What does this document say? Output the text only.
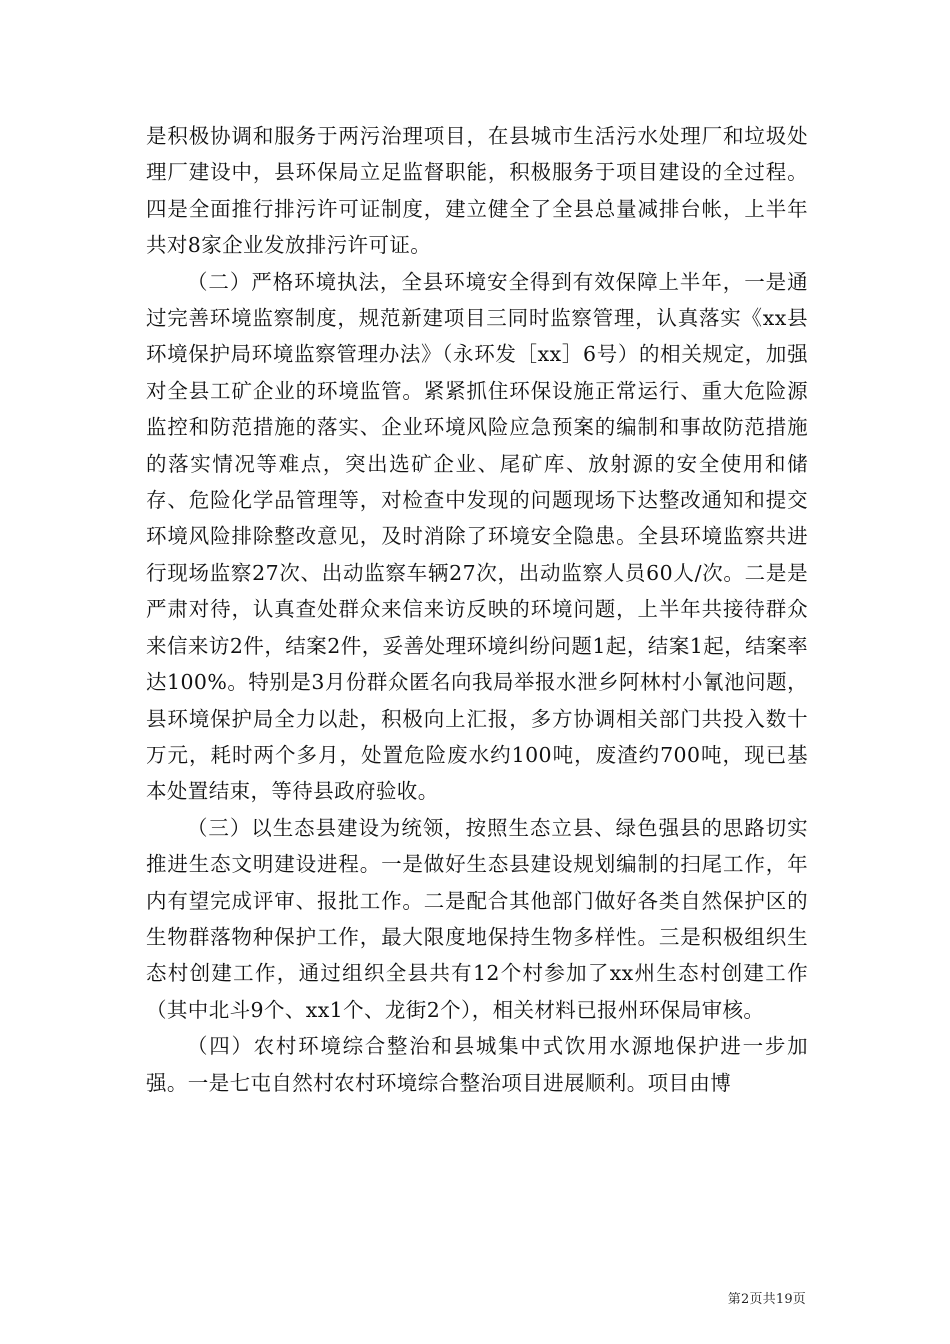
是积极协调和服务于两污治理项目，在县城市生活污水处理厂和垃圾处理厂建设中，县环保局立足监督职能，积极服务于项目建设的全过程。四是全面推行排污许可证制度，建立健全了全县总量减排台帐，上半年共对8家企业发放排污许可证。

（二）严格环境执法，全县环境安全得到有效保障上半年，一是通过完善环境监察制度，规范新建项目三同时监察管理，认真落实《xx县环境保护局环境监察管理办法》（永环发［xx］6号）的相关规定，加强对全县工矿企业的环境监管。紧紧抓住环保设施正常运行、重大危险源监控和防范措施的落实、企业环境风险应急预案的编制和事故防范措施的落实情况等难点，突出选矿企业、尾矿库、放射源的安全使用和储存、危险化学品管理等，对检查中发现的问题现场下达整改通知和提交环境风险排除整改意见，及时消除了环境安全隐患。全县环境监察共进行现场监察27次、出动监察车辆27次，出动监察人员60人/次。二是是严肃对待，认真查处群众来信来访反映的环境问题，上半年共接待群众来信来访2件，结案2件，妥善处理环境纠纷问题1起，结案1起，结案率达100%。特别是3月份群众匿名向我局举报水泄乡阿林村小氰池问题，县环境保护局全力以赴，积极向上汇报，多方协调相关部门共投入数十万元，耗时两个多月，处置危险废水约100吨，废渣约700吨，现已基本处置结束，等待县政府验收。

（三）以生态县建设为统领，按照生态立县、绿色强县的思路切实推进生态文明建设进程。一是做好生态县建设规划编制的扫尾工作，年内有望完成评审、报批工作。二是配合其他部门做好各类自然保护区的生物群落物种保护工作，最大限度地保持生物多样性。三是积极组织生态村创建工作，通过组织全县共有12个村参加了xx州生态村创建工作（其中北斗9个、xx1个、龙街2个），相关材料已报州环保局审核。

（四）农村环境综合整治和县城集中式饮用水源地保护进一步加强。一是七屯自然村农村环境综合整治项目进展顺利。项目由博

第2页共19页
